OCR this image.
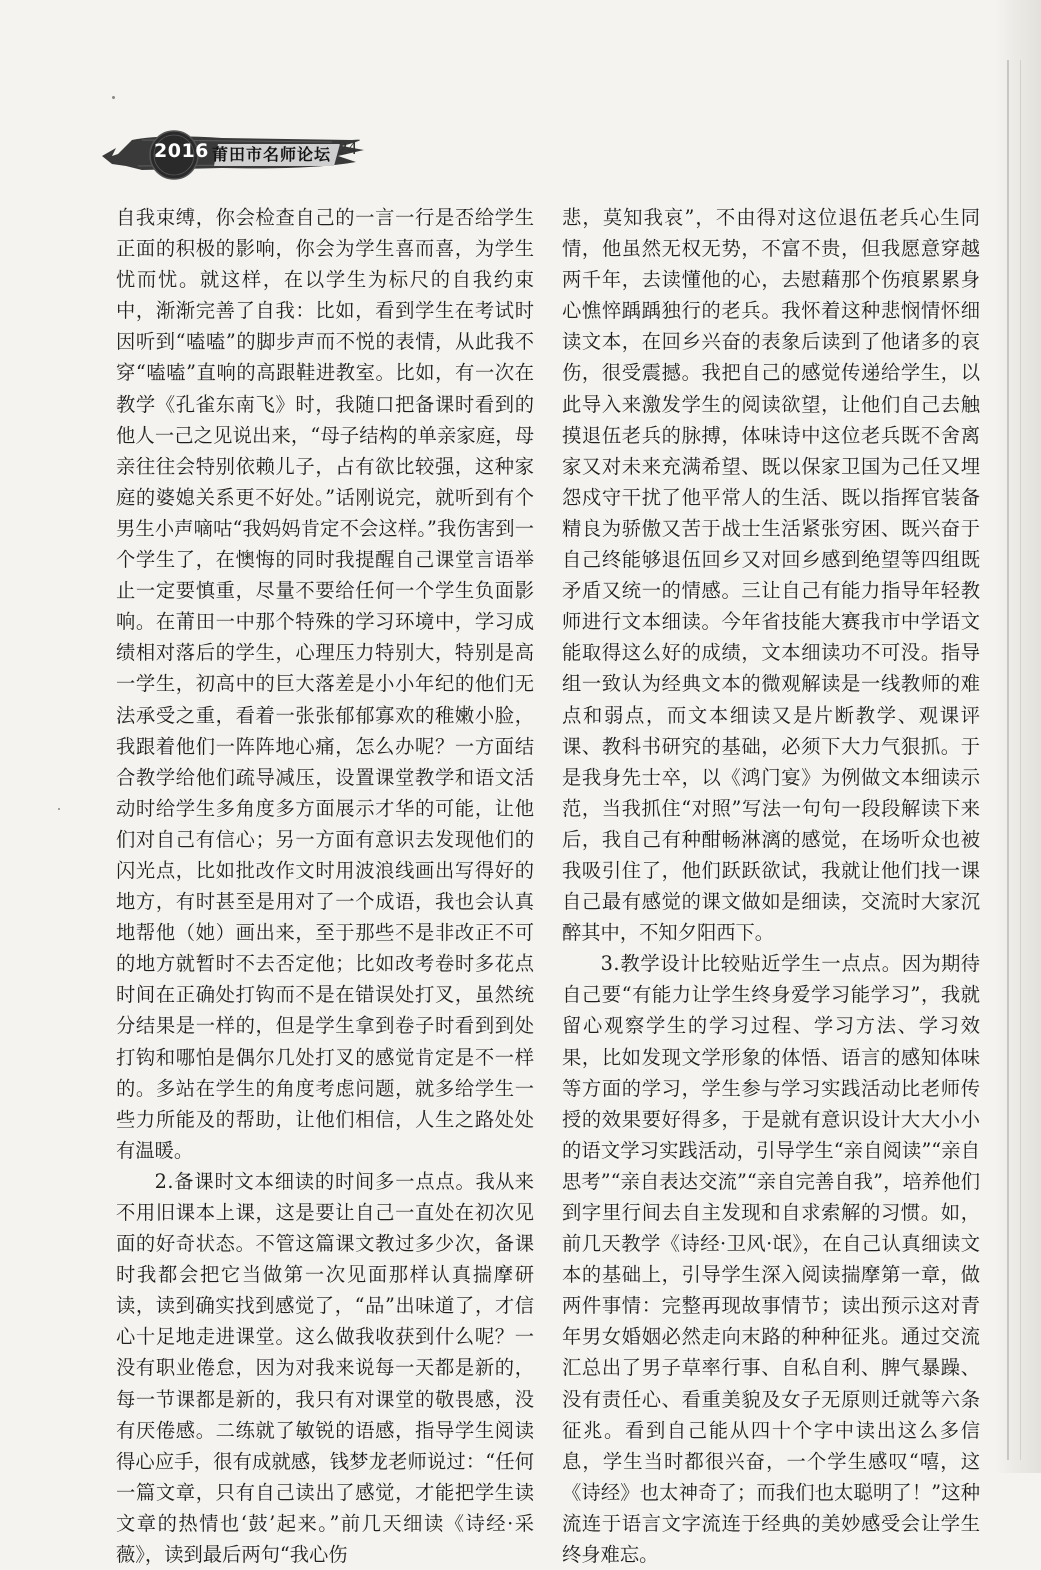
2016 莆田市名师论坛 24

自我束缚，你会检查自己的一言一行是否给学生正面的积极的影响，你会为学生喜而喜，为学生忧而忧。就这样，在以学生为标尺的自我约束中，渐渐完善了自我：比如，看到学生在考试时因听到“嗑嗑”的脚步声而不悦的表情，从此我不穿“嗑嗑”直响的高跟鞋进教室。比如，有一次在教学《孔雀东南飞》时，我随口把备课时看到的他人一己之见说出来，“母子结构的单亲家庭，母亲往往会特别依赖儿子，占有欲比较强，这种家庭的婆媳关系更不好处。”话刚说完，就听到有个男生小声嘀咕“我妈妈肯定不会这样。”我伤害到一个学生了，在懊悔的同时我提醒自己课堂言语举止一定要慎重，尽量不要给任何一个学生负面影响。在莆田一中那个特殊的学习环境中，学习成绩相对落后的学生，心理压力特别大，特别是高一学生，初高中的巨大落差是小小年纪的他们无法承受之重，看着一张张郁郁寡欢的稚嫩小脸，我跟着他们一阵阵地心痛，怎么办呢？一方面结合教学给他们疏导减压，设置课堂教学和语文活动时给学生多角度多方面展示才华的可能，让他们对自己有信心；另一方面有意识去发现他们的闪光点，比如批改作文时用波浪线画出写得好的地方，有时甚至是用对了一个成语，我也会认真地帮他（她）画出来，至于那些不是非改正不可的地方就暂时不去否定他；比如改考卷时多花点时间在正确处打钩而不是在错误处打叉，虽然统分结果是一样的，但是学生拿到卷子时看到到处打钩和哪怕是偶尔几处打叉的感觉肯定是不一样的。多站在学生的角度考虑问题，就多给学生一些力所能及的帮助，让他们相信，人生之路处处有温暖。

2.备课时文本细读的时间多一点点。我从来不用旧课本上课，这是要让自己一直处在初次见面的好奇状态。不管这篇课文教过多少次，备课时我都会把它当做第一次见面那样认真揣摩研读，读到确实找到感觉了，“品”出味道了，才信心十足地走进课堂。这么做我收获到什么呢？一没有职业倦怠，因为对我来说每一天都是新的，每一节课都是新的，我只有对课堂的敬畏感，没有厌倦感。二练就了敏锐的语感，指导学生阅读得心应手，很有成就感，钱梦龙老师说过：“任何一篇文章，只有自己读出了感觉，才能把学生读文章的热情也‘鼓’起来。”前几天细读《诗经·采薇》，读到最后两句“我心伤

悲，莫知我哀”，不由得对这位退伍老兵心生同情，他虽然无权无势，不富不贵，但我愿意穿越两千年，去读懂他的心，去慰藉那个伤痕累累身心憔悴踽踽独行的老兵。我怀着这种悲悯情怀细读文本，在回乡兴奋的表象后读到了他诸多的哀伤，很受震撼。我把自己的感觉传递给学生，以此导入来激发学生的阅读欲望，让他们自己去触摸退伍老兵的脉搏，体味诗中这位老兵既不舍离家又对未来充满希望、既以保家卫国为己任又埋怨戍守干扰了他平常人的生活、既以指挥官装备精良为骄傲又苦于战士生活紧张穷困、既兴奋于自己终能够退伍回乡又对回乡感到绝望等四组既矛盾又统一的情感。三让自己有能力指导年轻教师进行文本细读。今年省技能大赛我市中学语文能取得这么好的成绩，文本细读功不可没。指导组一致认为经典文本的微观解读是一线教师的难点和弱点，而文本细读又是片断教学、观课评课、教科书研究的基础，必须下大力气狠抓。于是我身先士卒，以《鸿门宴》为例做文本细读示范，当我抓住“对照”写法一句句一段段解读下来后，我自己有种酣畅淋漓的感觉，在场听众也被我吸引住了，他们跃跃欲试，我就让他们找一课自己最有感觉的课文做如是细读，交流时大家沉醉其中，不知夕阳西下。

3.教学设计比较贴近学生一点点。因为期待自己要“有能力让学生终身爱学习能学习”，我就留心观察学生的学习过程、学习方法、学习效果，比如发现文学形象的体悟、语言的感知体味等方面的学习，学生参与学习实践活动比老师传授的效果要好得多，于是就有意识设计大大小小的语文学习实践活动，引导学生“亲自阅读”“亲自思考”“亲自表达交流”“亲自完善自我”，培养他们到字里行间去自主发现和自求索解的习惯。如，前几天教学《诗经·卫风·氓》，在自己认真细读文本的基础上，引导学生深入阅读揣摩第一章，做两件事情：完整再现故事情节；读出预示这对青年男女婚姻必然走向末路的种种征兆。通过交流汇总出了男子草率行事、自私自利、脾气暴躁、没有责任心、看重美貌及女子无原则迁就等六条征兆。看到自己能从四十个字中读出这么多信息，学生当时都很兴奋，一个学生感叹“嘻，这《诗经》也太神奇了；而我们也太聪明了！”这种流连于语言文字流连于经典的美妙感受会让学生终身难忘。
